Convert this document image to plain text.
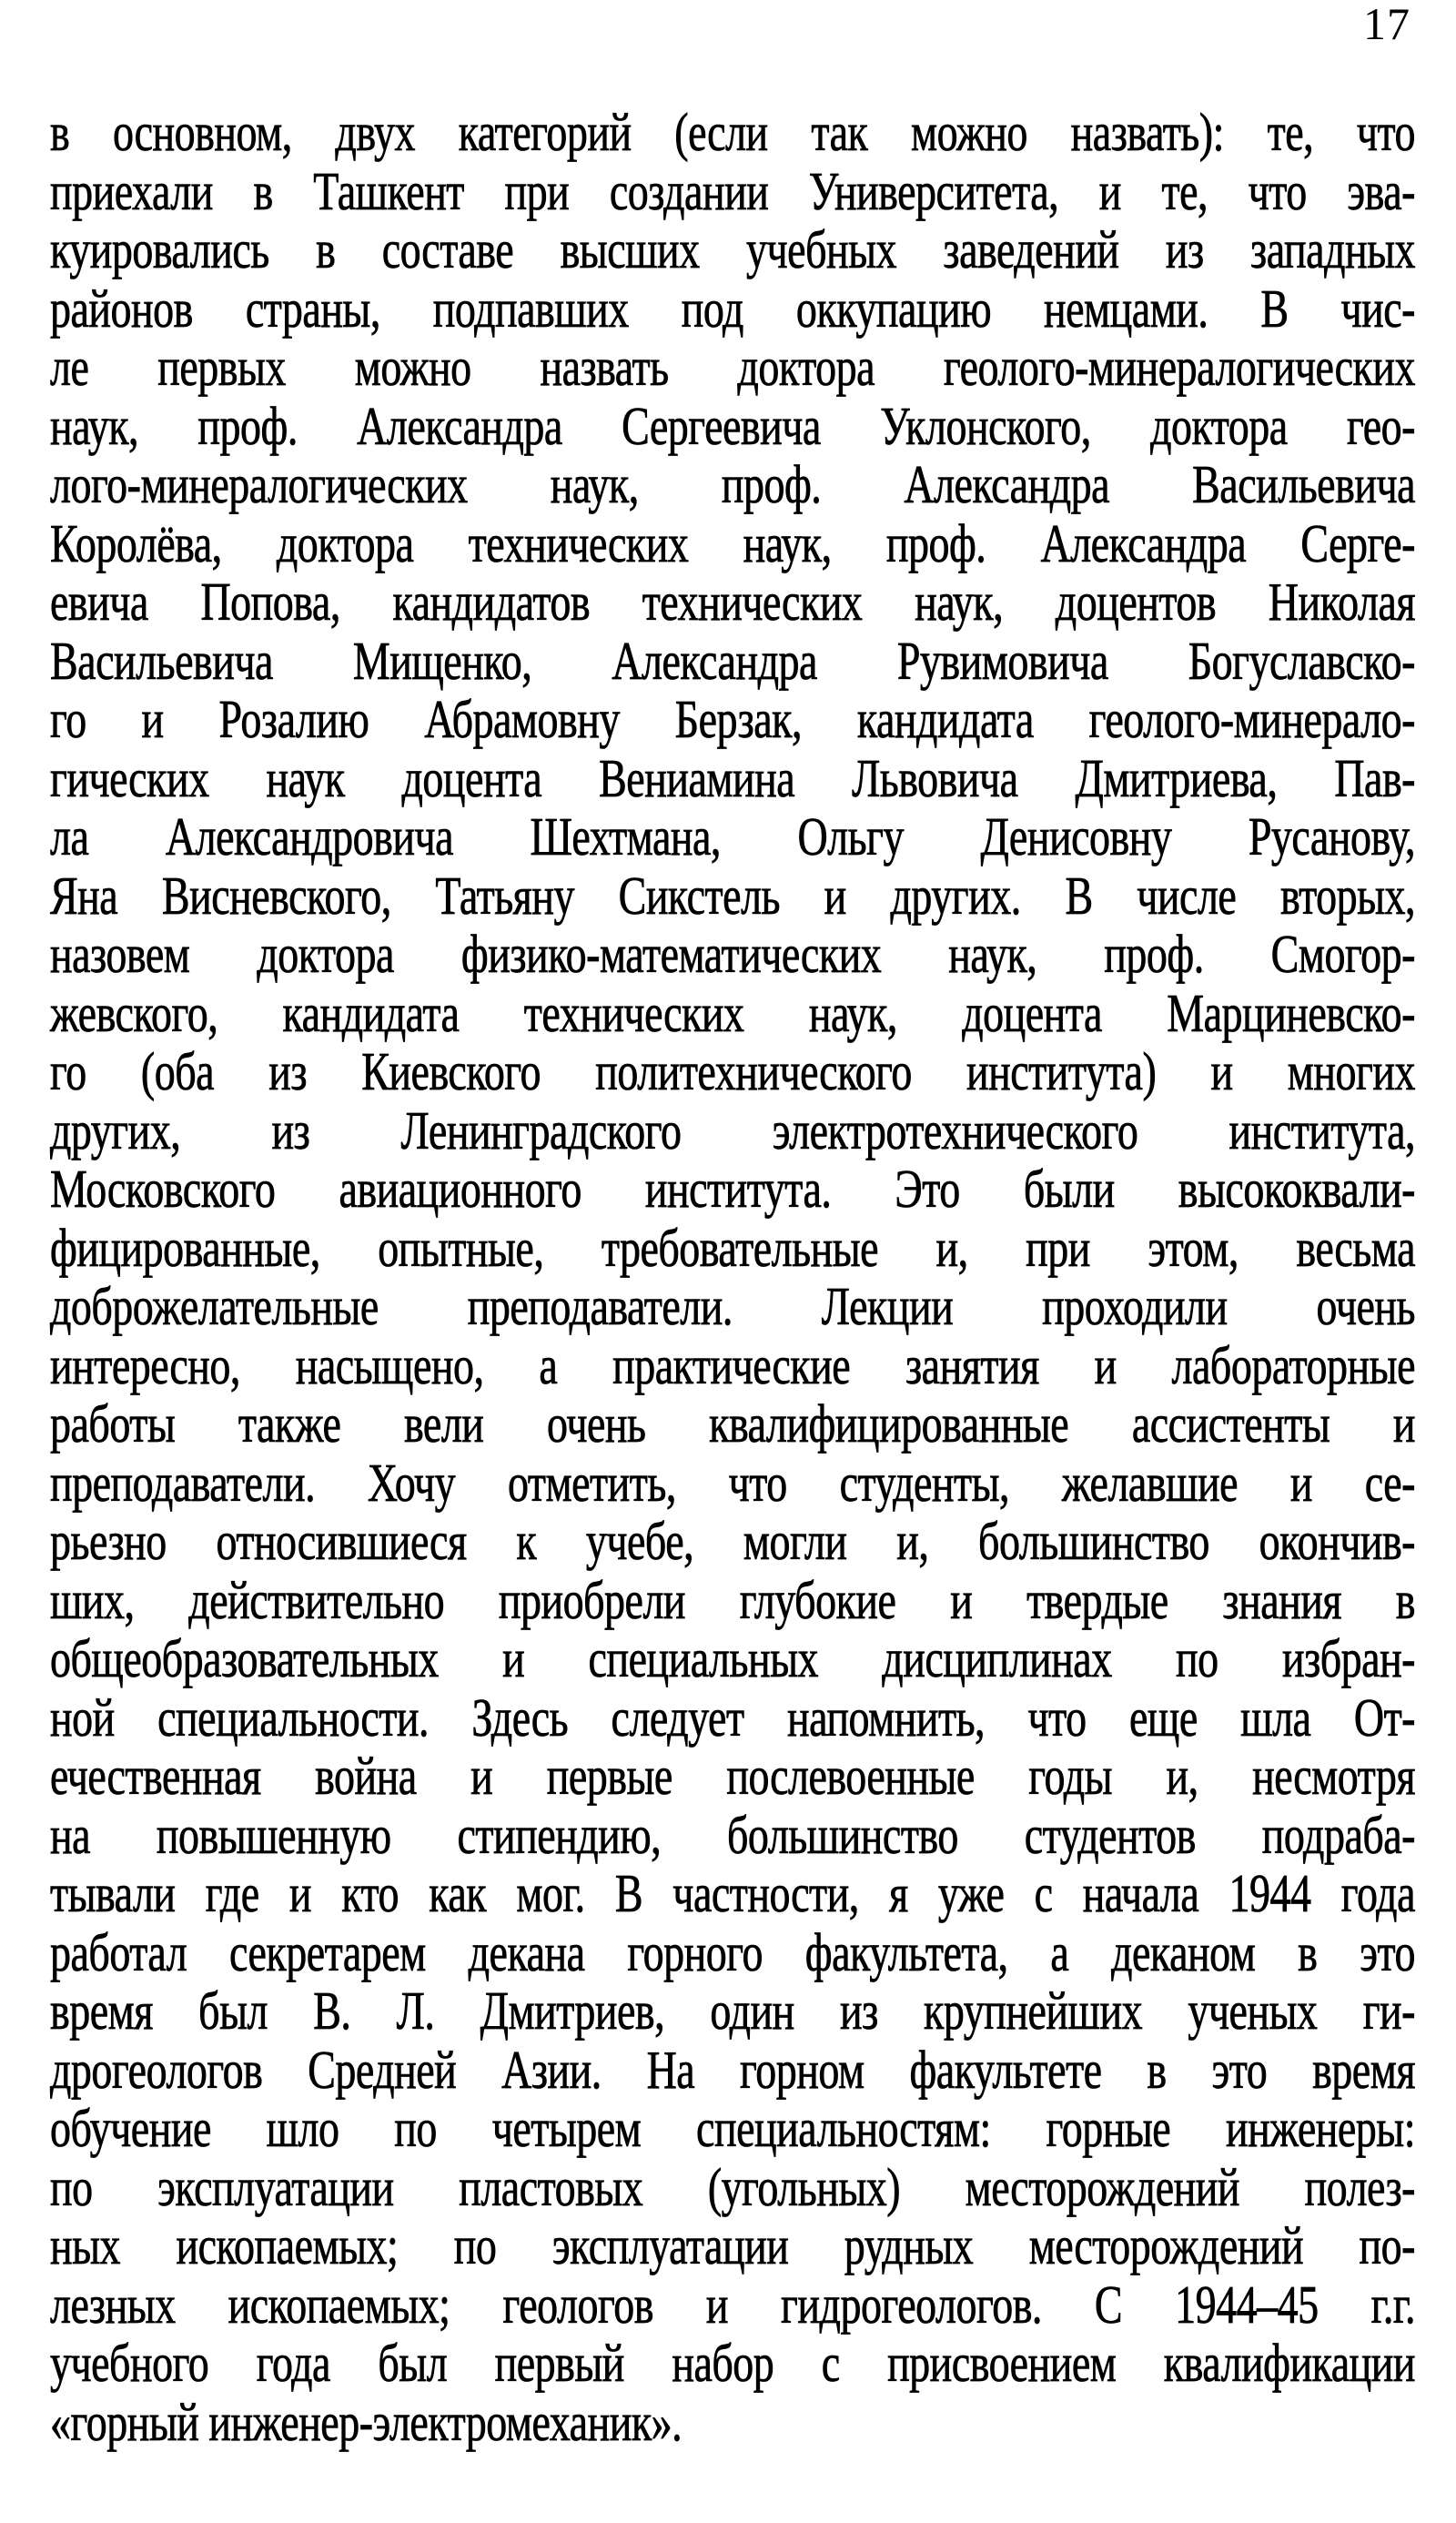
17
в основном, двух категорий (если так можно назвать): те, что
приехали в Ташкент при создании Университета, и те, что эва-
куировались в составе высших учебных заведений из западных
районов страны, подпавших под оккупацию немцами. В чис-
ле первых можно назвать доктора геолого-минералогических
наук, проф. Александра Сергеевича Уклонского, доктора гео-
лого-минералогических наук, проф. Александра Васильевича
Королёва, доктора технических наук, проф. Александра Серге-
евича Попова, кандидатов технических наук, доцентов Николая
Васильевича Мищенко, Александра Рувимовича Богуславско-
го и Розалию Абрамовну Берзак, кандидата геолого-минерало-
гических наук доцента Вениамина Львовича Дмитриева, Пав-
ла Александровича Шехтмана, Ольгу Денисовну Русанову,
Яна Висневского, Татьяну Сикстель и других. В числе вторых,
назовем доктора физико-математических наук, проф. Смогор-
жевского, кандидата технических наук, доцента Марциневско-
го (оба из Киевского политехнического института) и многих
других, из Ленинградского электротехнического института,
Московского авиационного института. Это были высококвали-
фицированные, опытные, требовательные и, при этом, весьма
доброжелательные преподаватели. Лекции проходили очень
интересно, насыщено, а практические занятия и лабораторные
работы также вели очень квалифицированные ассистенты и
преподаватели. Хочу отметить, что студенты, желавшие и се-
рьезно относившиеся к учебе, могли и, большинство окончив-
ших, действительно приобрели глубокие и твердые знания в
общеобразовательных и специальных дисциплинах по избран-
ной специальности. Здесь следует напомнить, что еще шла От-
ечественная война и первые послевоенные годы и, несмотря
на повышенную стипендию, большинство студентов подраба-
тывали где и кто как мог. В частности, я уже с начала 1944 года
работал секретарем декана горного факультета, а деканом в это
время был В. Л. Дмитриев, один из крупнейших ученых ги-
дрогеологов Средней Азии. На горном факультете в это время
обучение шло по четырем специальностям: горные инженеры:
по эксплуатации пластовых (угольных) месторождений полез-
ных ископаемых; по эксплуатации рудных месторождений по-
лезных ископаемых; геологов и гидрогеологов. С 1944–45 г.г.
учебного года был первый набор с присвоением квалификации
«горный инженер-электромеханик».
